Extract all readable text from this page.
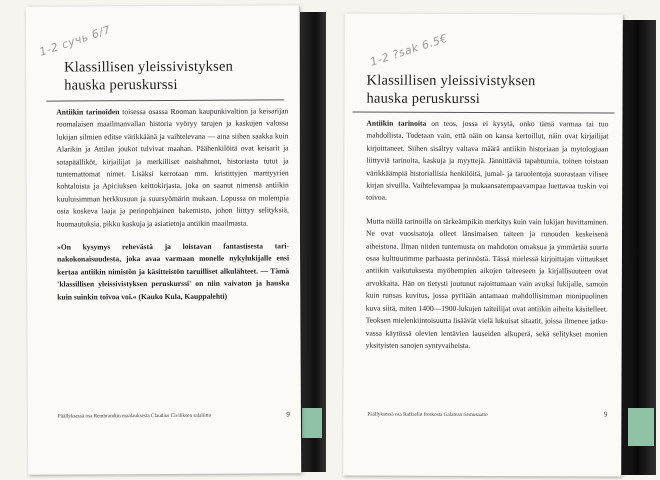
1-2 сучь 6/7
Klassillisen yleissivistyksen
hauska peruskurssi

Antiikin tarinoiden toisessa osassa Rooman kaupunkivaltion ja keisarijan roomalaisen maailmanvallan historia vyöryy tarujen ja kaskujen valossa lukijan silmien editse värikkäänä ja vaihtelevana — aina siihen saakka kuin Alarikin ja Attilan joukot tulvivat maahan. Päähenkilöitä ovat keisarit ja sotapäälliköt, kirjailijat ja merkilliset naishahmot, historiasta tutut ja tuntemattomat nimet. Lisäksi kerrotaan mm. kristittyjen marttyyrien kohtaloista ja Apiciuksen keittokirjasta, joka on saanut nimensä antiikin kuuluisimman herkkusuun ja suursyömärin mukaan. Lopussa on molempia osia koskeva laaja ja perinpohjainen hakemisto, johon liittyy selityksiä, huomautuksia, pikku kaskuja ja asiatietoja antiikin maailmasta.

»On kysymys rehevästä ja loistavan fantastisesta tarinakokonaisuudesta, joka avaa varmaan monelle nykylukijalle ensi kertaa antiikin nimistön ja käsitteistön taruilliset alkulähteet. — Tämä 'klassillisen yleissivistyksen peruskurssi' on niin vaivaton ja hauska kuin suinkin toivoa voi.« (Kauko Kula, Kauppalehti)

Päällyksessä osa Rembrandtin maalauksesta Claudius Civiliksen salaliitto	9
1-2 ?sak 6.5€
Klassillisen yleissivistyksen
hauska peruskurssi

Antiikin tarinoita on teos, jossa ei kysytä, onko tämä varmaa tai tuo mahdollista. Todetaan vain, että näin on kansa kertoillut, näin ovat kirjailijat kirjoittaneet. Siihen sisältyy valtava määrä antiikin historiaan ja mytologiaan liittyviä tarinoita, kaskuja ja myyttejä. Jännittäviä tapahtumia, toinen toistaan värikkäämpiä historiallisia henkilöitä, jumal- ja taruolentoja suorastaan vilisee kirjan sivuilla. Vaihtelevampaa ja mukaansatempaavampaa luettavaa tuskin voi toivoa.

Mutta näillä tarinoilla on tärkeämpikin merkitys kuin vain lukijan huvittaminen. Ne ovat vuosisatoja olleet länsimaisen taiteen ja runouden keskeisenä aiheistona. Ilman niiden tuntemusta on mahdoton omaksua ja ymmärtää suurta osaa kulttuurimme parhaasta perinnöstä. Tässä mielessä kirjoittajan viittaukset antiikin vaikutuksesta myöhempien aikojen taiteeseen ja kirjallisuuteen ovat arvokkaita. Hän on tietysti joutunut rajoittumaan vain avuksi lukijalle, samoin kuin runsas kuvitus, jossa pyritään antamaan mahdollisimman monipuolinen kuva siitä, miten 1400—1900-lukujen taiteilijat ovat antiikin aiheita käsitelleet. Teoksen mielenkiintoisuutta lisäävät vielä lukuisat sitaatit, joissa ilmenee jatkuvassa käytössä olevien lentävien lauseiden alkuperä, sekä selitykset monien yksityisten sanojen syntyvaiheista.

Päällyksessä osa Raffaelin freskosta Galatean riemusaatto	9
